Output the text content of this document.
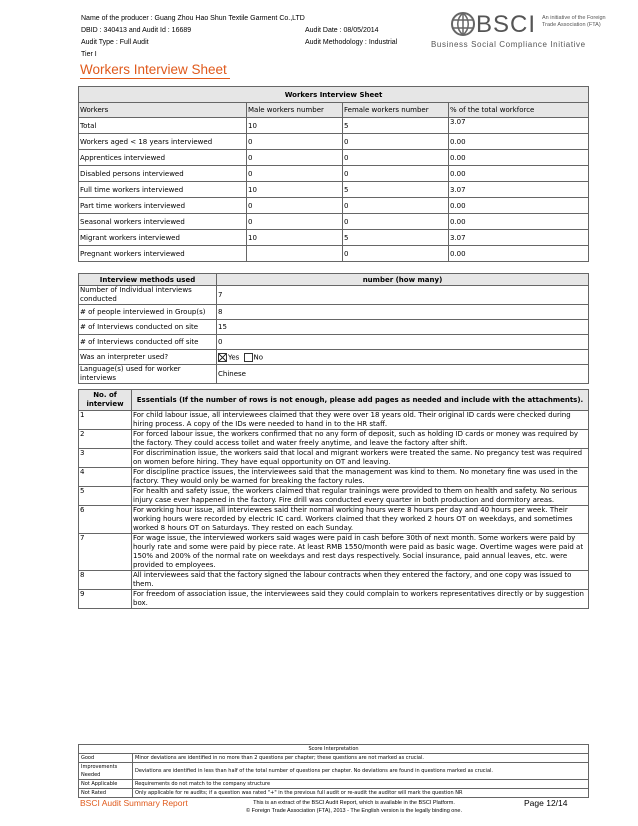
Name of the producer : Guang Zhou Hao Shun Textile Garment Co.,LTD
DBID : 340413 and Audit Id : 16689	Audit Date : 08/05/2014
Audit Type : Full Audit	Audit Methodology : Industrial
Tier I
BSCI An initiative of the Foreign Trade Association (FTA)
Business Social Compliance Initiative
Workers Interview Sheet
Workers Interview Sheet			
Workers	Male workers number	Female workers number	% of the total workforce
Total	10	5	3.07
Workers aged < 18 years interviewed	0	0	0.00
Apprentices interviewed	0	0	0.00
Disabled persons interviewed	0	0	0.00
Full time workers interviewed	10	5	3.07
Part time workers interviewed	0	0	0.00
Seasonal workers interviewed	0	0	0.00
Migrant workers interviewed	10	5	3.07
Pregnant workers interviewed		0	0.00
Interview methods used	number (how many)
Number of Individual interviews conducted	7
# of people interviewed in Group(s)	8
# of Interviews conducted on site	15
# of Interviews conducted off site	0
Was an interpreter used?	Yes No
Language(s) used for worker interviews	Chinese
No. of interview	Essentials (If the number of rows is not enough, please add pages as needed and include with the attachments).
1	For child labour issue, all interviewees claimed that they were over 18 years old. Their original ID cards were checked during hiring process. A copy of the IDs were needed to hand in to the HR staff.
2	For forced labour issue, the workers confirmed that no any form of deposit, such as holding ID cards or money was required by the factory. They could access toilet and water freely anytime, and leave the factory after shift.
3	For discrimination issue, the workers said that local and migrant workers were treated the same. No pregancy test was required on women before hiring. They have equal opportunity on OT and leaving.
4	For discipline practice issues, the interviewees said that the management was kind to them. No monetary fine was used in the factory. They would only be warned for breaking the factory rules.
5	For health and safety issue, the workers claimed that regular trainings were provided to them on health and safety. No serious injury case ever happened in the factory. Fire drill was conducted every quarter in both production and dormitory areas.
6	For working hour issue, all interviewees said their normal working hours were 8 hours per day and 40 hours per week. Their working hours were recorded by electric IC card. Workers claimed that they worked 2 hours OT on weekdays, and sometimes worked 8 hours OT on Saturdays. They rested on each Sunday.
7	For wage issue, the interviewed workers said wages were paid in cash before 30th of next month. Some workers were paid by hourly rate and some were paid by piece rate. At least RMB 1550/month were paid as basic wage. Overtime wages were paid at 150% and 200% of the normal rate on weekdays and rest days respectively. Social insurance, paid annual leaves, etc. were provided to employees.
8	All interviewees said that the factory signed the labour contracts when they entered the factory, and one copy was issued to them.
9	For freedom of association issue, the interviewees said they could complain to workers representatives directly or by suggestion box.
Score Interpretation	
Good	Minor deviations are identified in no more than 2 questions per chapter; these questions are not marked as crucial.
Improvements Needed	Deviations are identified in less than half of the total number of questions per chapter. No deviations are found in questions marked as crucial.
Not Applicable	Requirements do not match to the company structure
Not Rated	Only applicable for re audits; if a question was rated "+" in the previous full audit or re-audit the auditor will mark the question NR
BSCI Audit Summary Report	This is an extract of the BSCI Audit Report, which is available in the BSCI Platform.
© Foreign Trade Association (FTA), 2013 - The English version is the legally binding one.
Page 12/14
